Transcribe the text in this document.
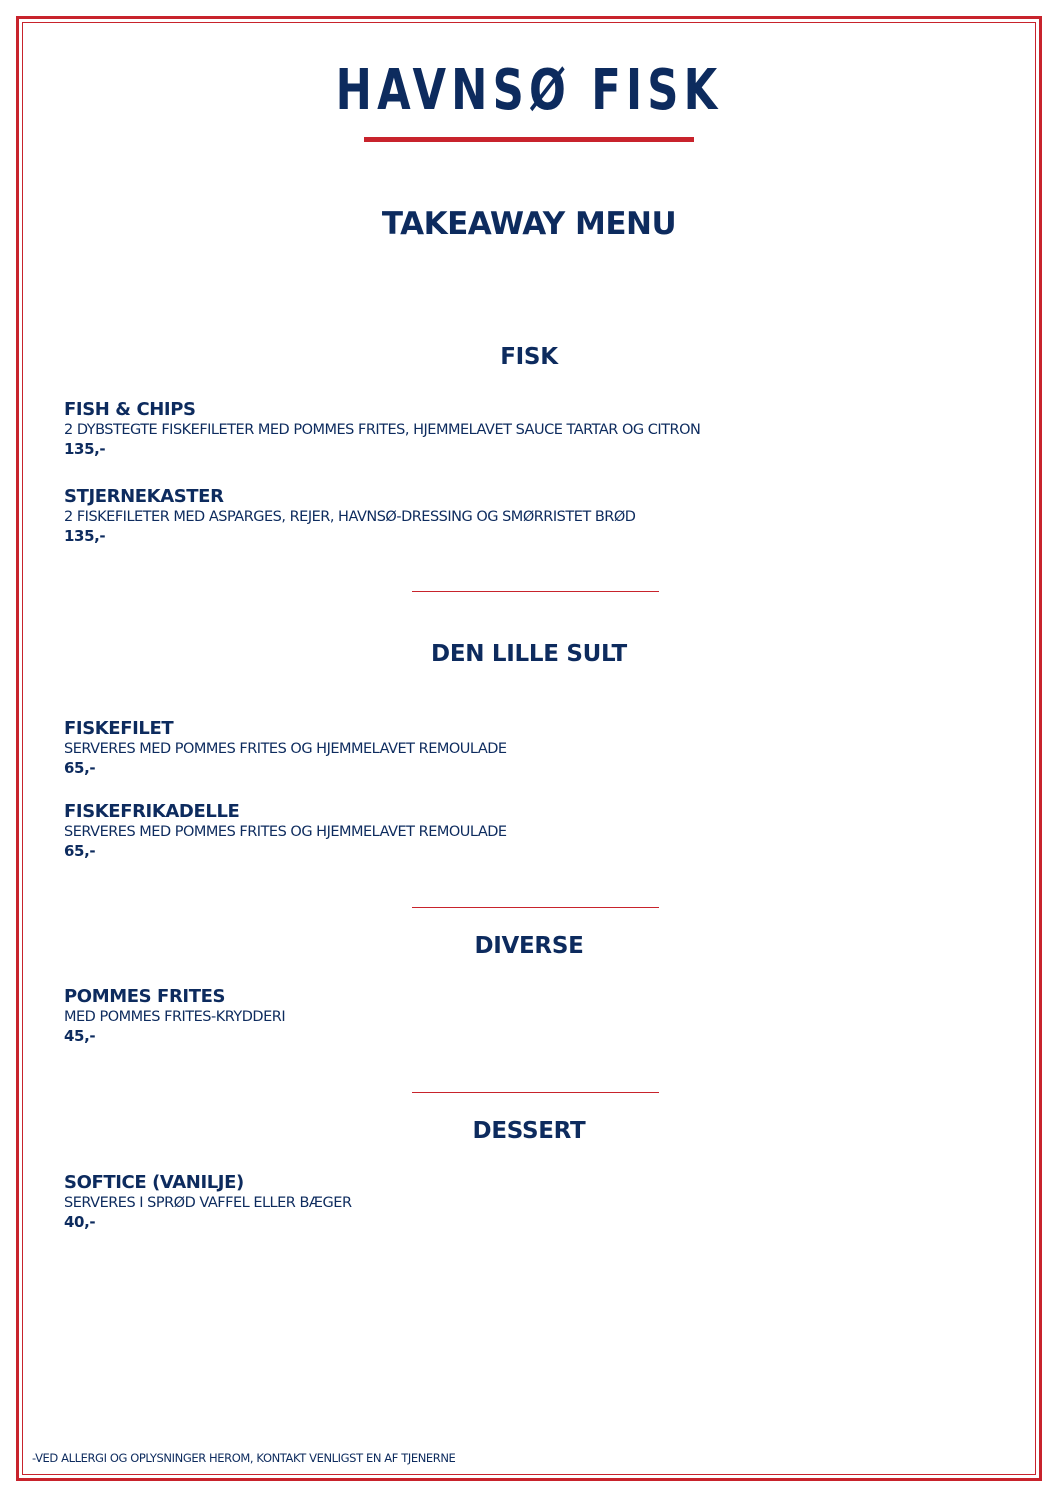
HAVNSØ FISK
TAKEAWAY MENU
FISK
FISH & CHIPS
2 DYBSTEGTE FISKEFILETER MED POMMES FRITES, HJEMMELAVET SAUCE TARTAR OG CITRON
135,-
STJERNEKASTER
2 FISKEFILETER MED ASPARGES, REJER, HAVNSØ-DRESSING OG SMØRRISTET BRØD
135,-
DEN LILLE SULT
FISKEFILET
SERVERES MED POMMES FRITES OG HJEMMELAVET REMOULADE
65,-
FISKEFRIKADELLE
SERVERES MED POMMES FRITES OG HJEMMELAVET REMOULADE
65,-
DIVERSE
POMMES FRITES
MED POMMES FRITES-KRYDDERI
45,-
DESSERT
SOFTICE (VANILJE)
SERVERES I SPRØD VAFFEL ELLER BÆGER
40,-
-VED ALLERGI OG OPLYSNINGER HEROM, KONTAKT VENLIGST EN AF TJENERNE
